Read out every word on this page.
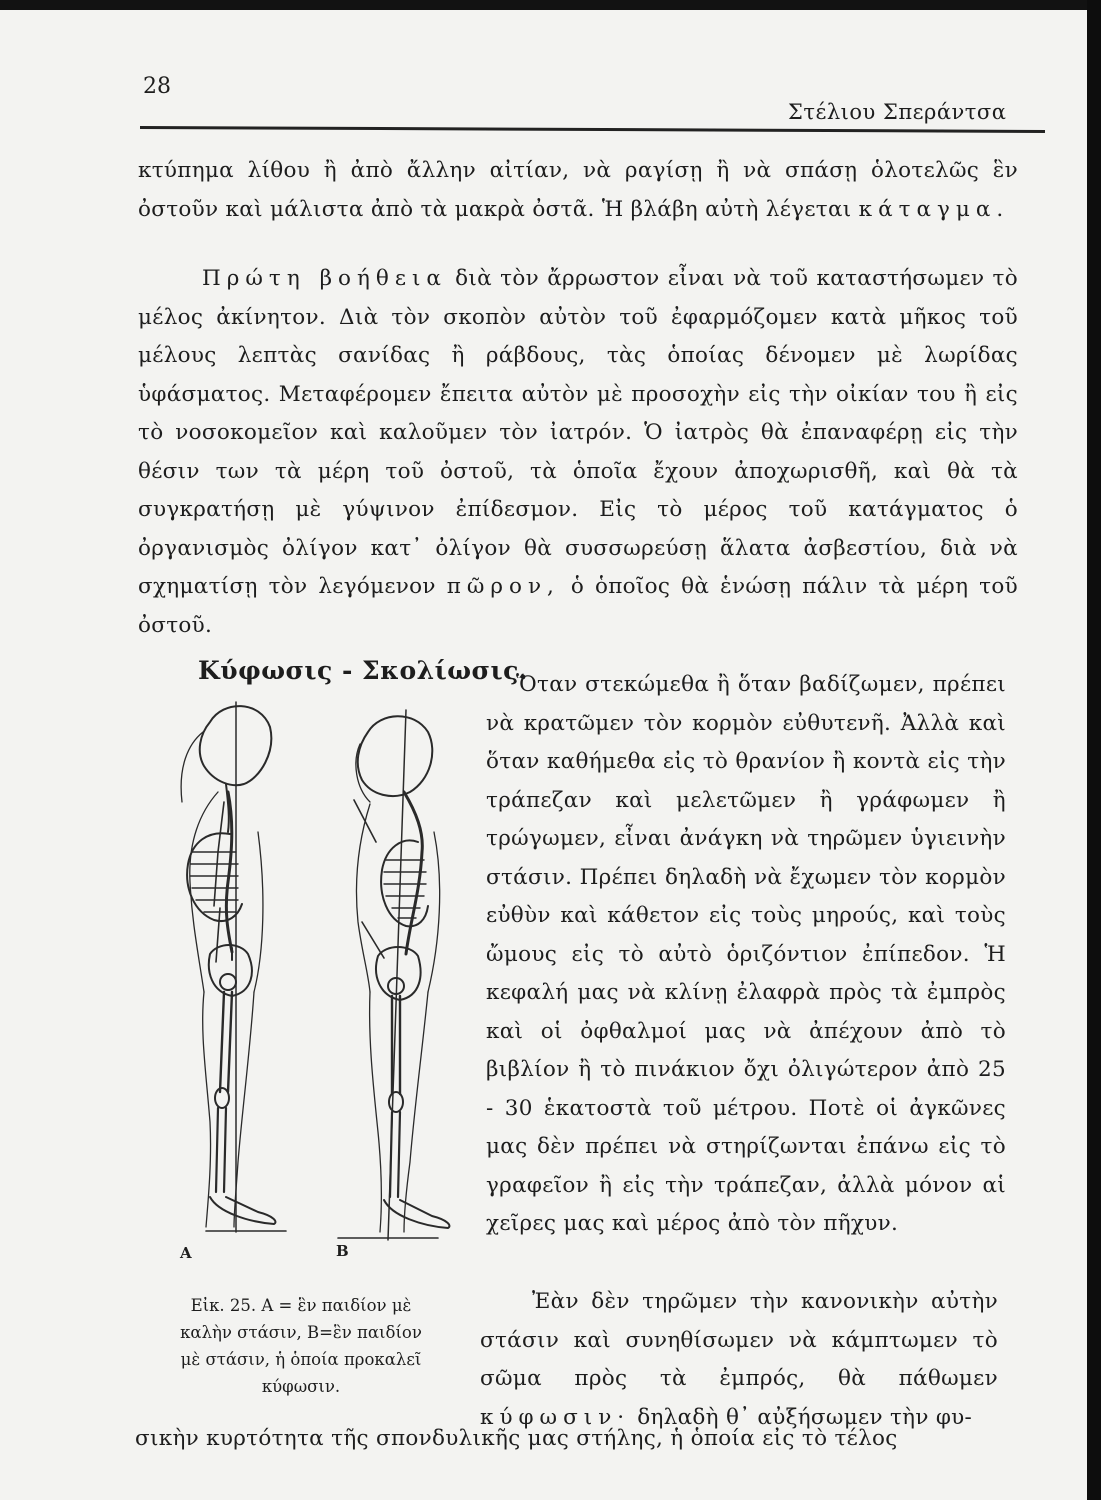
28
Στέλιου Σπεράντσα

κτύπημα λίθου ἢ ἀπὸ ἄλλην αἰτίαν, νὰ ραγίσῃ ἢ νὰ σπάσῃ ὁλοτελῶς ἓν ὀστοῦν καὶ μάλιστα ἀπὸ τὰ μακρὰ ὀστᾶ. Ἡ βλάβη αὐτὴ λέγεται κάταγμα.

Πρώτη βοήθεια διὰ τὸν ἄρρωστον εἶναι νὰ τοῦ καταστήσωμεν τὸ μέλος ἀκίνητον. Διὰ τὸν σκοπὸν αὐτὸν τοῦ ἐφαρμόζομεν κατὰ μῆκος τοῦ μέλους λεπτὰς σανίδας ἢ ράβδους, τὰς ὁποίας δένομεν μὲ λωρίδας ὑφάσματος. Μεταφέρομεν ἔπειτα αὐτὸν μὲ προσοχὴν εἰς τὴν οἰκίαν του ἢ εἰς τὸ νοσοκομεῖον καὶ καλοῦμεν τὸν ἰατρόν. Ὁ ἰατρὸς θὰ ἐπαναφέρῃ εἰς τὴν θέσιν των τὰ μέρη τοῦ ὀστοῦ, τὰ ὁποῖα ἔχουν ἀποχωρισθῆ, καὶ θὰ τὰ συγκρατήσῃ μὲ γύψινον ἐπίδεσμον. Εἰς τὸ μέρος τοῦ κατάγματος ὁ ὀργανισμὸς ὀλίγον κατ᾿ ὀλίγον θὰ συσσωρεύσῃ ἅλατα ἀσβεστίου, διὰ νὰ σχηματίσῃ τὸν λεγόμενον πῶρον, ὁ ὁποῖος θὰ ἑνώσῃ πάλιν τὰ μέρη τοῦ ὀστοῦ.

Κύφωσις - Σκολίωσις.

Ὅταν στεκώμεθα ἢ ὅταν βαδίζωμεν, πρέπει νὰ κρατῶμεν τὸν κορμὸν εὐθυτενῆ. Ἀλλὰ καὶ ὅταν καθήμεθα εἰς τὸ θρανίον ἢ κοντὰ εἰς τὴν τράπεζαν καὶ μελετῶμεν ἢ γράφωμεν ἢ τρώγωμεν, εἶναι ἀνάγκη νὰ τηρῶμεν ὑγιεινὴν στάσιν. Πρέπει δηλαδὴ νὰ ἔχωμεν τὸν κορμὸν εὐθὺν καὶ κάθετον εἰς τοὺς μηρούς, καὶ τοὺς ὤμους εἰς τὸ αὐτὸ ὁριζόντιον ἐπίπεδον. Ἡ κεφαλή μας νὰ κλίνῃ ἐλαφρὰ πρὸς τὰ ἐμπρὸς καὶ οἱ ὀφθαλμοί μας νὰ ἀπέχουν ἀπὸ τὸ βιβλίον ἢ τὸ πινάκιον ὄχι ὀλιγώτερον ἀπὸ 25 - 30 ἑκατοστὰ τοῦ μέτρου. Ποτὲ οἱ ἀγκῶνες μας δὲν πρέπει νὰ στηρίζωνται ἐπάνω εἰς τὸ γραφεῖον ἢ εἰς τὴν τράπεζαν, ἀλλὰ μόνον αἱ χεῖρες μας καὶ μέρος ἀπὸ τὸν πῆχυν.

A	B
Εἰκ. 25. Α = ἓν παιδίον μὲ
καλὴν στάσιν, Β=ἓν παιδίον
μὲ στάσιν, ἡ ὁποία προκαλεῖ
κύφωσιν.

Ἐὰν δὲν τηρῶμεν τὴν κανονικὴν αὐτὴν στάσιν καὶ συνηθίσωμεν νὰ κάμπτωμεν τὸ σῶμα πρὸς τὰ ἐμπρός, θὰ πάθωμεν κύφωσιν· δηλαδὴ θ᾿ αὐξήσωμεν τὴν φυ-

σικὴν κυρτότητα τῆς σπονδυλικῆς μας στήλης, ἡ ὁποία εἰς τὸ τέλος
